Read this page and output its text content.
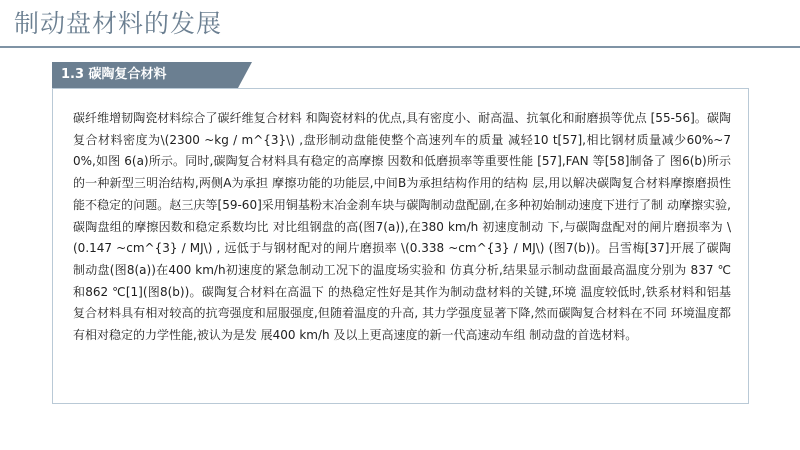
制动盘材料的发展
1.3 碳陶复合材料

碳纤维增韧陶瓷材料综合了碳纤维复合材料 和陶瓷材料的优点,具有密度小、耐高温、抗氧化和耐磨损等优点 [55-56]。碳陶复合材料密度为\(2300 ~kg / m^{3}\) ,盘形制动盘能使整个高速列车的质量 减轻10 t[57],相比钢材质量减少60%~70%,如图 6(a)所示。同时,碳陶复合材料具有稳定的高摩擦 因数和低磨损率等重要性能 [57],FAN 等[58]制备了 图6(b)所示的一种新型三明治结构,两侧A为承担 摩擦功能的功能层,中间B为承担结构作用的结构 层,用以解决碳陶复合材料摩擦磨损性能不稳定的问题。赵三庆等[59-60]采用铜基粉末冶金刹车块与碳陶制动盘配副,在多种初始制动速度下进行了制 动摩擦实验,碳陶盘组的摩擦因数和稳定系数均比 对比组钢盘的高(图7(a)),在380 km/h 初速度制动 下,与碳陶盘配对的闸片磨损率为 \(0.147 ~cm^{3} / MJ\) , 远低于与钢材配对的闸片磨损率 \(0.338 ~cm^{3} / MJ\) (图7(b))。吕雪梅[37]开展了碳陶制动盘(图8(a))在400 km/h初速度的紧急制动工况下的温度场实验和 仿真分析,结果显示制动盘面最高温度分别为 837 ℃和862 ℃[1](图8(b))。碳陶复合材料在高温下 的热稳定性好是其作为制动盘材料的关键,环境 温度较低时,铁系材料和铝基复合材料具有相对较高的抗弯强度和屈服强度,但随着温度的升高, 其力学强度显著下降,然而碳陶复合材料在不同 环境温度都有相对稳定的力学性能,被认为是发 展400 km/h 及以上更高速度的新一代高速动车组 制动盘的首选材料。
